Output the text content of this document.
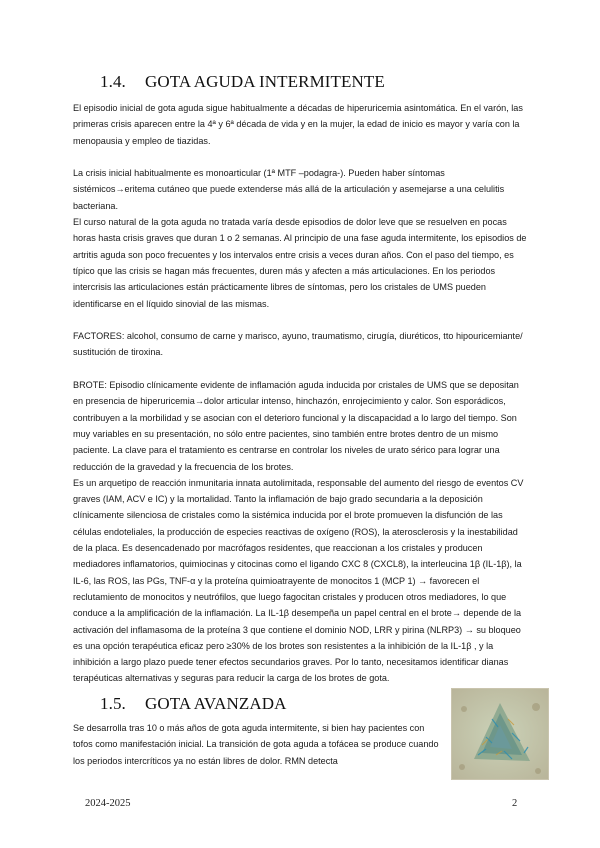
1.4. GOTA AGUDA INTERMITENTE

El episodio inicial de gota aguda sigue habitualmente a décadas de hiperuricemia asintomática. En el varón, las primeras crisis aparecen entre la 4ª y 6ª década de vida y en la mujer, la edad de inicio es mayor y varía con la menopausia y empleo de tiazidas.

La crisis inicial habitualmente es monoarticular (1ª MTF –podagra-). Pueden haber síntomas sistémicos→eritema cutáneo que puede extenderse más allá de la articulación y asemejarse a una celulitis bacteriana.

El curso natural de la gota aguda no tratada varía desde episodios de dolor leve que se resuelven en pocas horas hasta crisis graves que duran 1 o 2 semanas. Al principio de una fase aguda intermitente, los episodios de artritis aguda son poco frecuentes y los intervalos entre crisis a veces duran años. Con el paso del tiempo, es típico que las crisis se hagan más frecuentes, duren más y afecten a más articulaciones. En los periodos intercrisis las articulaciones están prácticamente libres de síntomas, pero los cristales de UMS pueden identificarse en el líquido sinovial de las mismas.

FACTORES: alcohol, consumo de carne y marisco, ayuno, traumatismo, cirugía, diuréticos, tto hipouricemiante/ sustitución de tiroxina.

BROTE: Episodio clínicamente evidente de inflamación aguda inducida por cristales de UMS que se depositan en presencia de hiperuricemia→dolor articular intenso, hinchazón, enrojecimiento y calor. Son esporádicos, contribuyen a la morbilidad y se asocian con el deterioro funcional y la discapacidad a lo largo del tiempo. Son muy variables en su presentación, no sólo entre pacientes, sino también entre brotes dentro de un mismo paciente. La clave para el tratamiento es centrarse en controlar los niveles de urato sérico para lograr una reducción de la gravedad y la frecuencia de los brotes.

Es un arquetipo de reacción inmunitaria innata autolimitada, responsable del aumento del riesgo de eventos CV graves (IAM, ACV e IC) y la mortalidad. Tanto la inflamación de bajo grado secundaria a la deposición clínicamente silenciosa de cristales como la sistémica inducida por el brote promueven la disfunción de las células endoteliales, la producción de especies reactivas de oxígeno (ROS), la aterosclerosis y la inestabilidad de la placa. Es desencadenado por macrófagos residentes, que reaccionan a los cristales y producen mediadores inflamatorios, quimiocinas y citocinas como el ligando CXC 8 (CXCL8), la interleucina 1β (IL-1β), la IL-6, las ROS, las PGs, TNF-α y la proteína quimioatrayente de monocitos 1 (MCP 1) → favorecen el reclutamiento de monocitos y neutrófilos, que luego fagocitan cristales y producen otros mediadores, lo que conduce a la amplificación de la inflamación. La IL-1β desempeña un papel central en el brote→ depende de la activación del inflamasoma de la proteína 3 que contiene el dominio NOD, LRR y pirina (NLRP3) → su bloqueo es una opción terapéutica eficaz pero ≥30% de los brotes son resistentes a la inhibición de la IL-1β , y la inhibición a largo plazo puede tener efectos secundarios graves. Por lo tanto, necesitamos identificar dianas terapéuticas alternativas y seguras para reducir la carga de los brotes de gota.

1.5. GOTA AVANZADA

Se desarrolla tras 10 o más años de gota aguda intermitente, si bien hay pacientes con tofos como manifestación inicial. La transición de gota aguda a tofácea se produce cuando los periodos intercríticos ya no están libres de dolor. RMN detecta

2024-2025	2
